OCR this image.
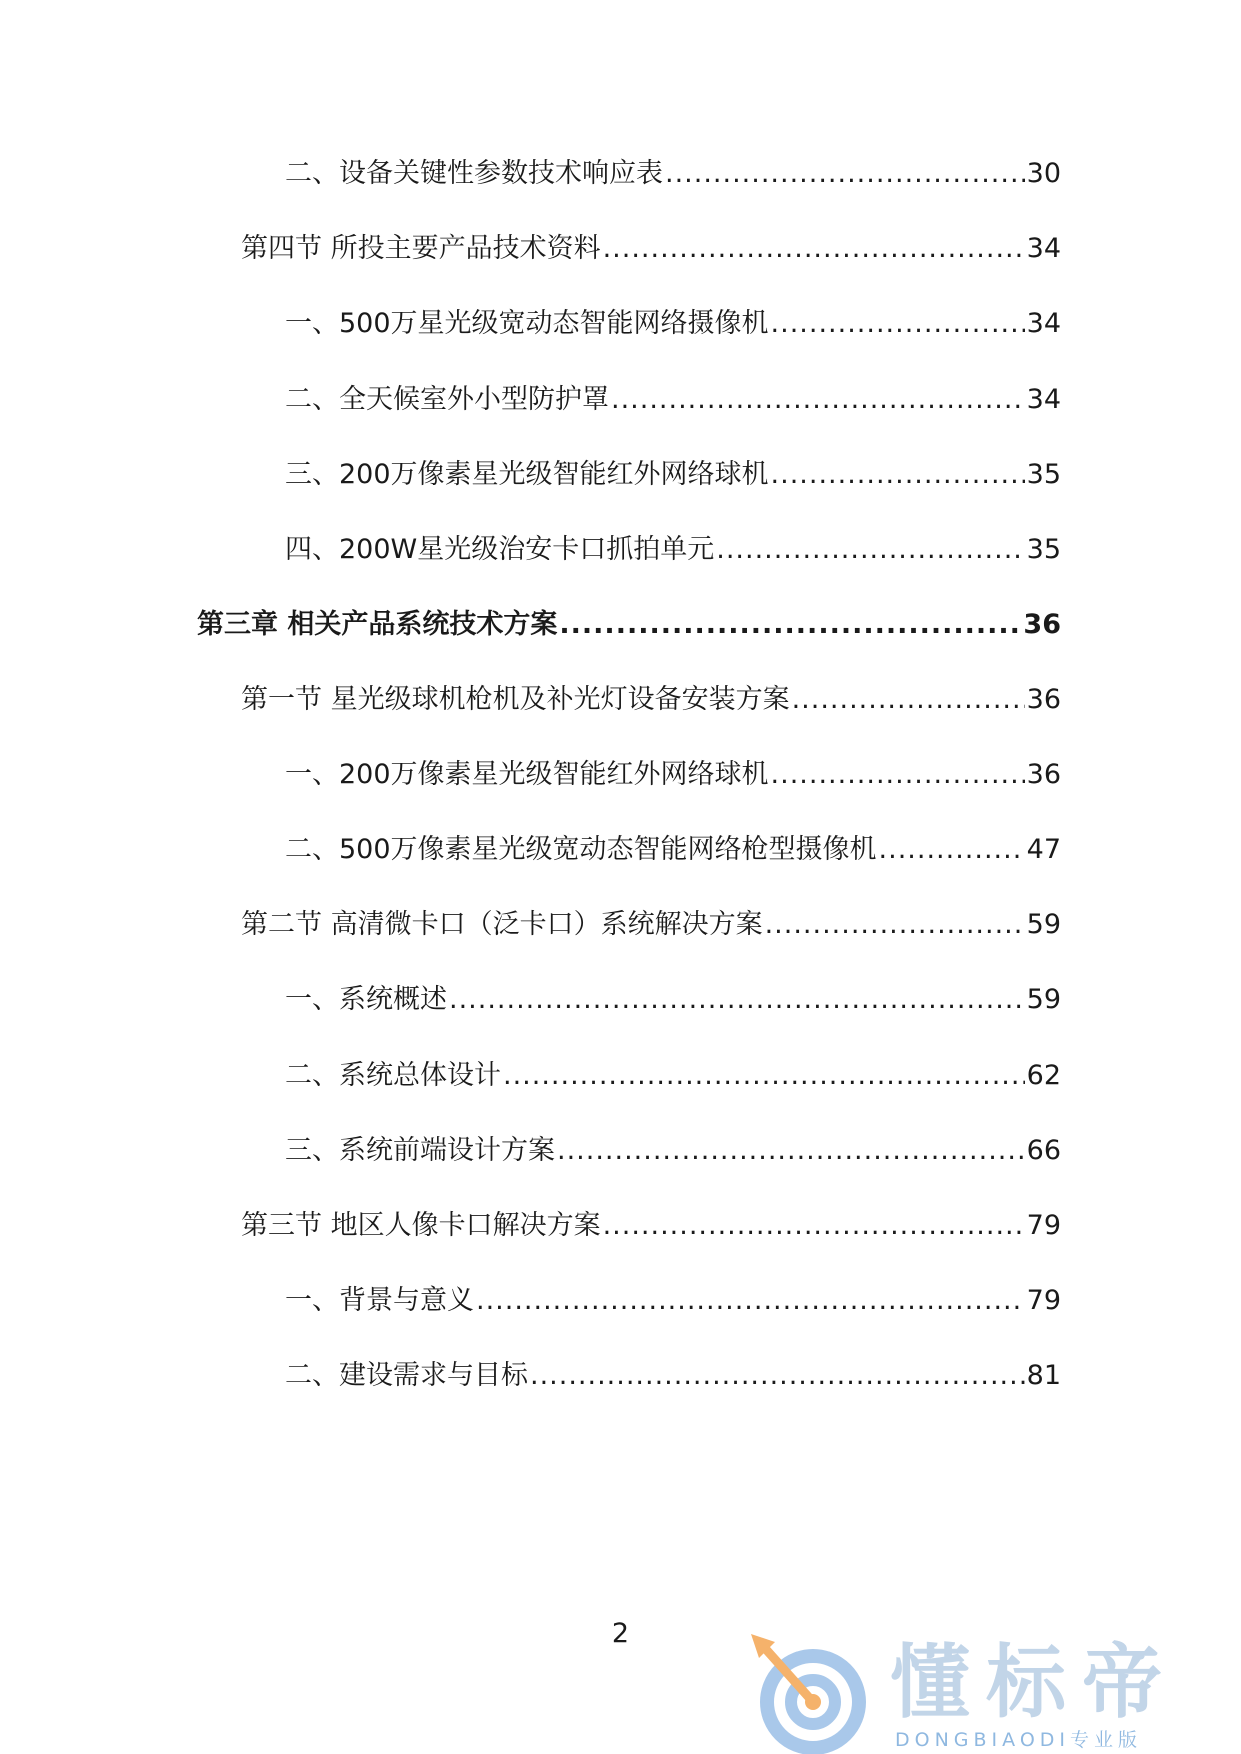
二、设备关键性参数技术响应表 .....	30
第四节 所投主要产品技术资料 .....	34
一、500万星光级宽动态智能网络摄像机 .....	34
二、全天候室外小型防护罩 .....	34
三、200万像素星光级智能红外网络球机 .....	35
四、200W星光级治安卡口抓拍单元 .....	35
第三章 相关产品系统技术方案 .....	36
第一节 星光级球机枪机及补光灯设备安装方案 .....	36
一、200万像素星光级智能红外网络球机 .....	36
二、500万像素星光级宽动态智能网络枪型摄像机 .....	47
第二节 高清微卡口（泛卡口）系统解决方案 .....	59
一、系统概述 .....	59
二、系统总体设计 .....	62
三、系统前端设计方案 .....	66
第三节 地区人像卡口解决方案 .....	79
一、背景与意义 .....	79
二、建设需求与目标 .....	81
2
懂标帝
DONGBIAODI专业版
